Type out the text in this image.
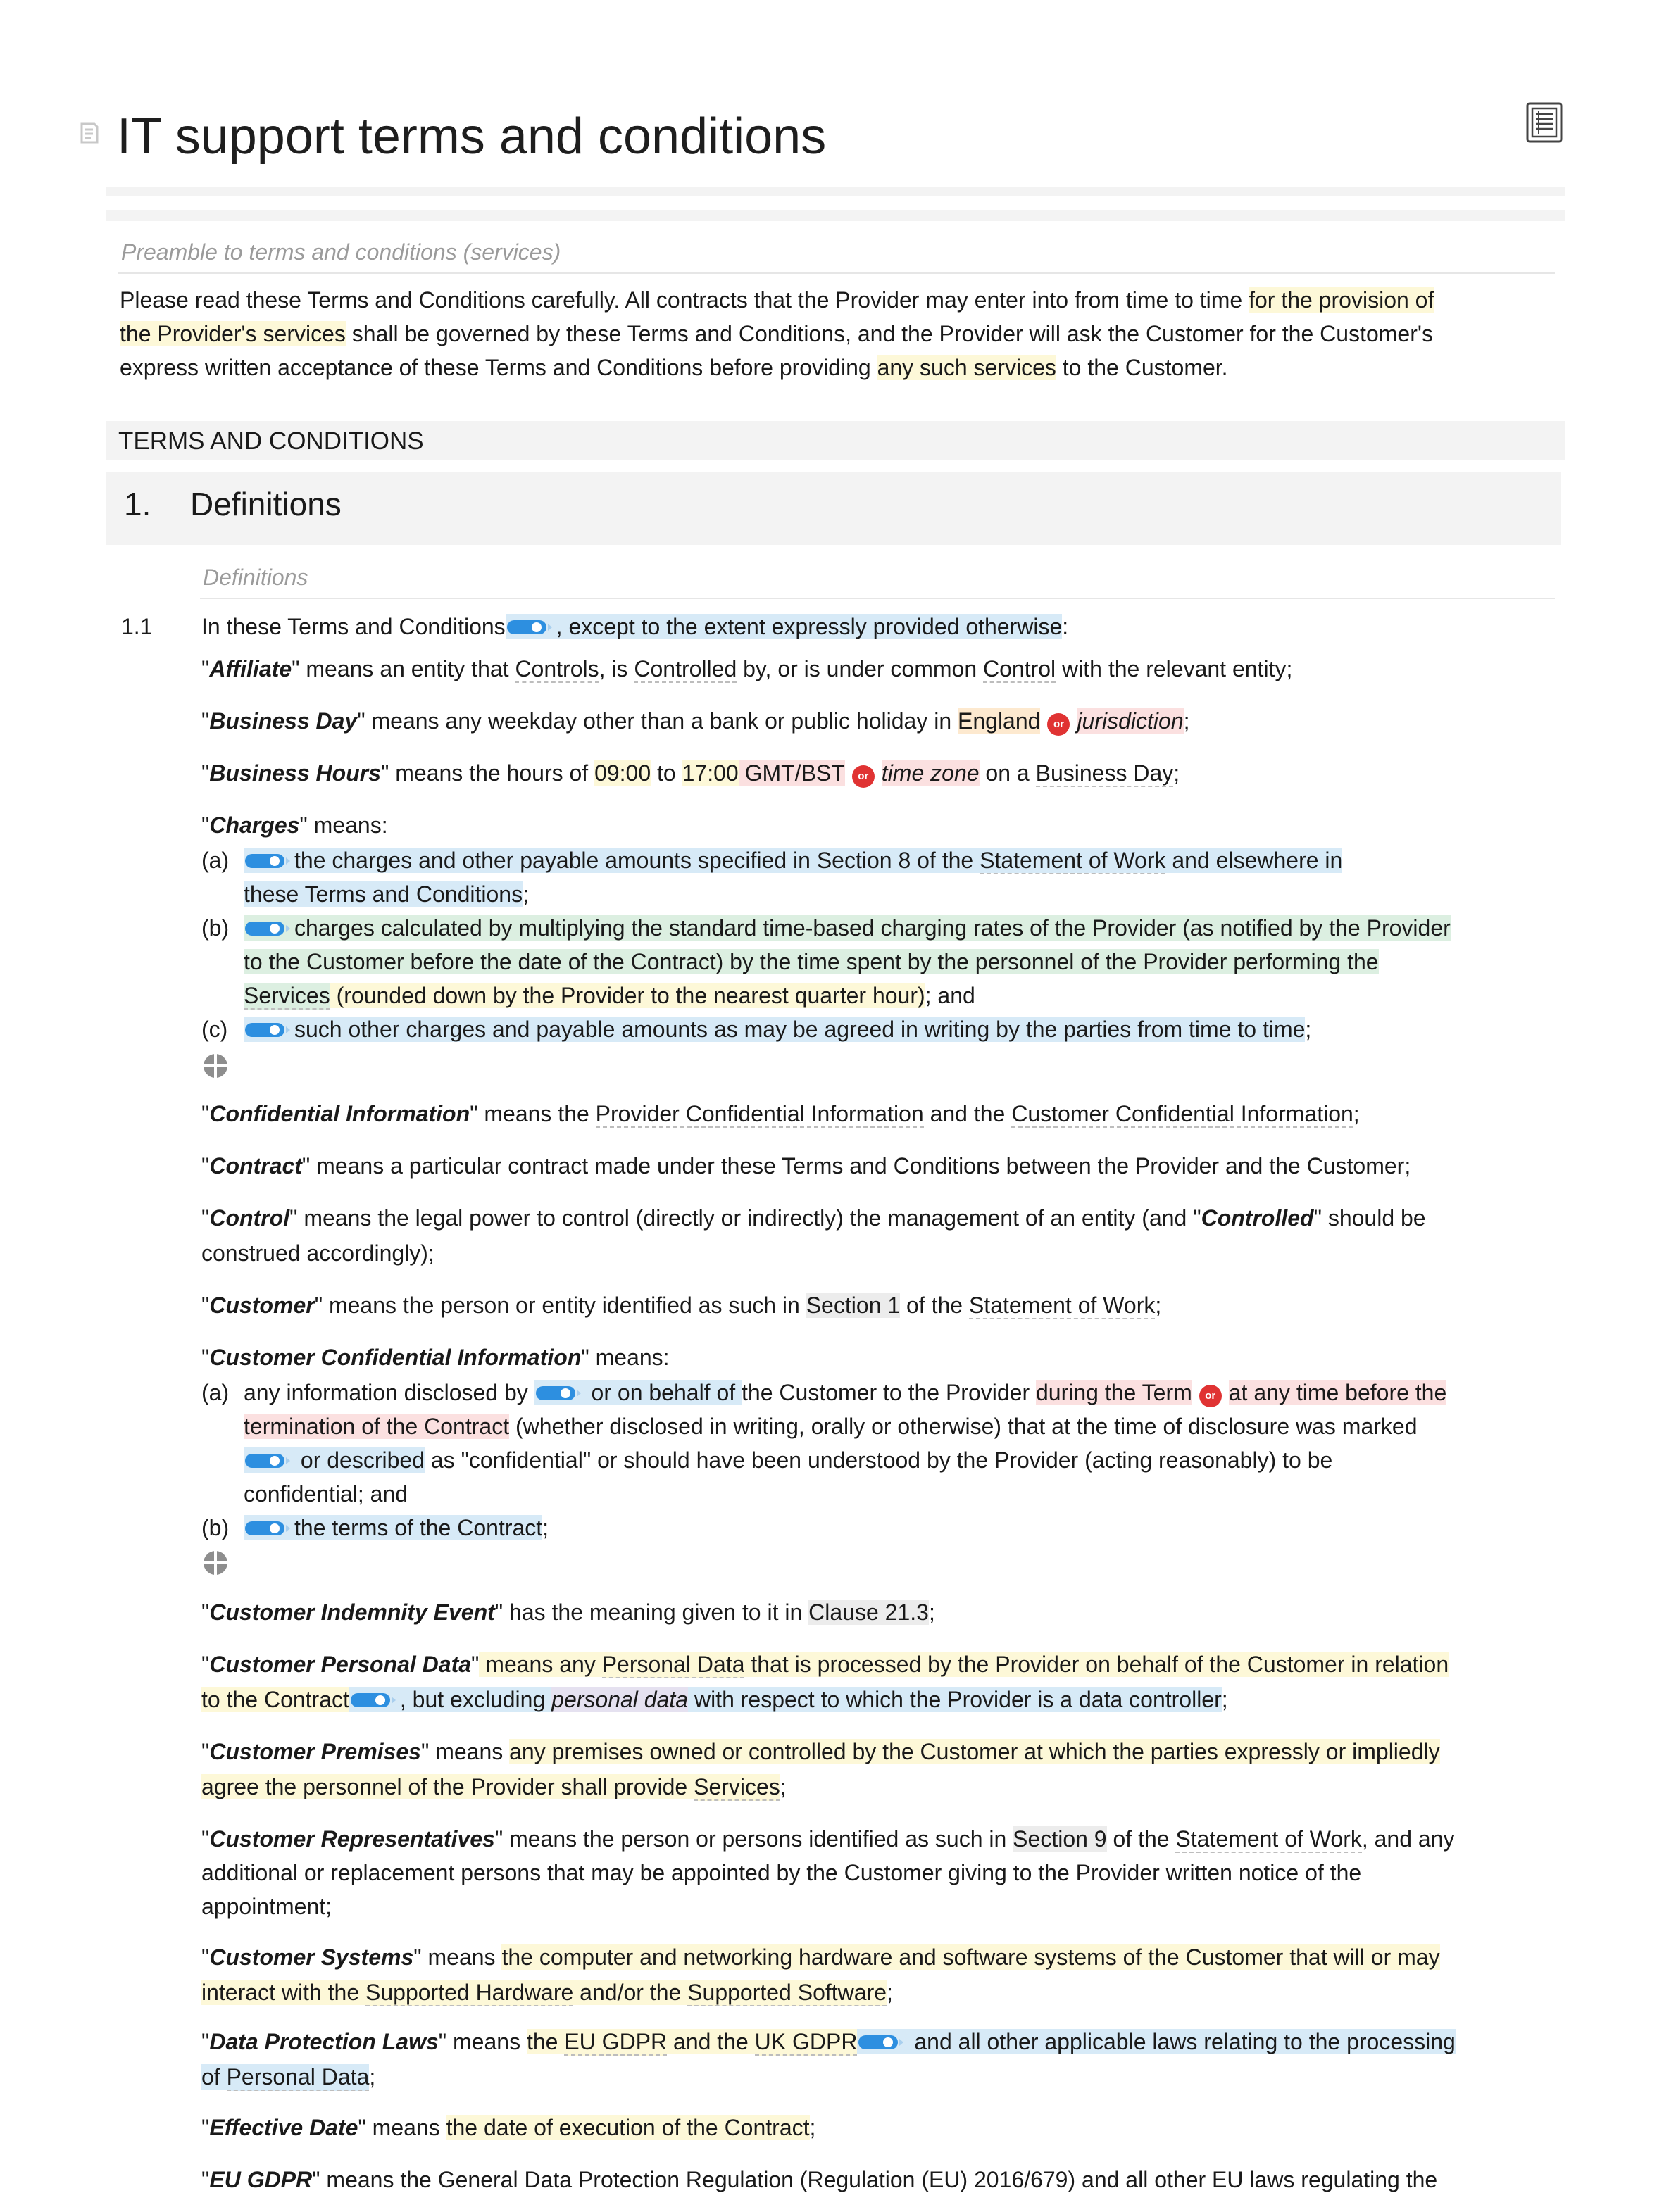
IT support terms and conditions
Preamble to terms and conditions (services)
Please read these Terms and Conditions carefully. All contracts that the Provider may enter into from time to time for the provision of
the Provider's services shall be governed by these Terms and Conditions, and the Provider will ask the Customer for the Customer's
express written acceptance of these Terms and Conditions before providing any such services to the Customer.
TERMS AND CONDITIONS
1. Definitions
Definitions
1.1 In these Terms and Conditions , except to the extent expressly provided otherwise:
"Affiliate" means an entity that Controls, is Controlled by, or is under common Control with the relevant entity;
"Business Day" means any weekday other than a bank or public holiday in England or jurisdiction;
"Business Hours" means the hours of 09:00 to 17:00 GMT/BST or time zone on a Business Day;
"Charges" means:
(a)	the charges and other payable amounts specified in Section 8 of the Statement of Work and elsewhere in
these Terms and Conditions;
(b)	charges calculated by multiplying the standard time-based charging rates of the Provider (as notified by the Provider
to the Customer before the date of the Contract) by the time spent by the personnel of the Provider performing the
Services (rounded down by the Provider to the nearest quarter hour); and
(c)	such other charges and payable amounts as may be agreed in writing by the parties from time to time;
"Confidential Information" means the Provider Confidential Information and the Customer Confidential Information;
"Contract" means a particular contract made under these Terms and Conditions between the Provider and the Customer;
"Control" means the legal power to control (directly or indirectly) the management of an entity (and "Controlled" should be
construed accordingly);
"Customer" means the person or entity identified as such in Section 1 of the Statement of Work;
"Customer Confidential Information" means:
(a) any information disclosed by
or on behalf of the Customer to the Provider during the Term or at any time before the
termination of the Contract (whether disclosed in writing, orally or otherwise) that at the time of disclosure was marked
or described as "confidential" or should have been understood by the Provider (acting reasonably) to be
confidential; and
(b)	the terms of the Contract;
"Customer Indemnity Event" has the meaning given to it in Clause 21.3;
"Customer Personal Data" means any Personal Data that is processed by the Provider on behalf of the Customer in relation
to the Contract , but excluding personal data with respect to which the Provider is a data controller;
"Customer Premises" means any premises owned or controlled by the Customer at which the parties expressly or impliedly
agree the personnel of the Provider shall provide Services;
"Customer Representatives" means the person or persons identified as such in Section 9 of the Statement of Work, and any
additional or replacement persons that may be appointed by the Customer giving to the Provider written notice of the
appointment;
"Customer Systems" means the computer and networking hardware and software systems of the Customer that will or may
interact with the Supported Hardware and/or the Supported Software;
"Data Protection Laws" means the EU GDPR and the UK GDPR
and all other applicable laws relating to the processing
of Personal Data;
"Effective Date" means the date of execution of the Contract;
"EU GDPR" means the General Data Protection Regulation (Regulation (EU) 2016/679) and all other EU laws regulating the
